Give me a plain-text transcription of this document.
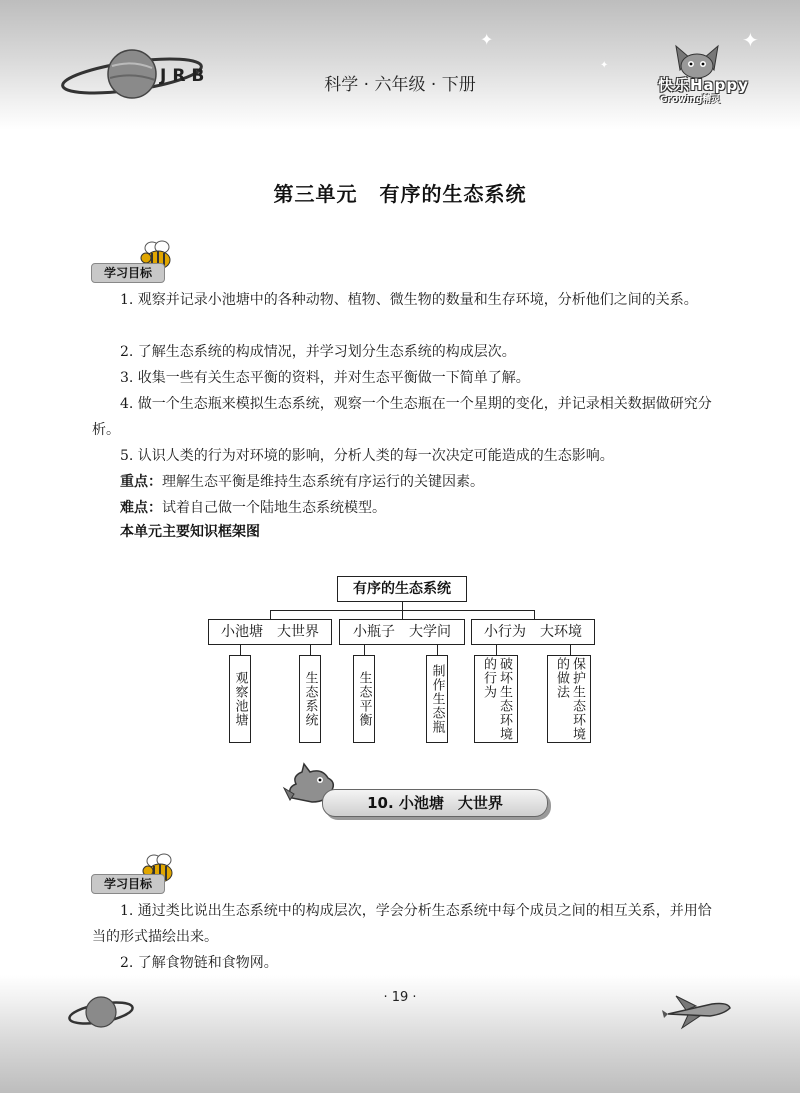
JRB	科学 · 六年级 · 下册
✦	✦
✦
快乐Happy
Growing精灵
第三单元 有序的生态系统
学习目标

1. 观察并记录小池塘中的各种动物、植物、微生物的数量和生存环境，分析他们之间的关系。

2. 了解生态系统的构成情况，并学习划分生态系统的构成层次。

3. 收集一些有关生态平衡的资料，并对生态平衡做一下简单了解。

4. 做一个生态瓶来模拟生态系统，观察一个生态瓶在一个星期的变化，并记录相关数据做研究分析。

5. 认识人类的行为对环境的影响，分析人类的每一次决定可能造成的生态影响。

重点：理解生态平衡是维持生态系统有序运行的关键因素。

难点：试着自己做一个陆地生态系统模型。

本单元主要知识框架图
有序的生态系统
小池塘　大世界	小瓶子　大学问	小行为　大环境
观察池塘	生态系统	生态平衡	制作生态瓶	破坏生态环境的行为	保护生态环境的做法
10. 小池塘 大世界
学习目标

1. 通过类比说出生态系统中的构成层次，学会分析生态系统中每个成员之间的相互关系，并用恰当的形式描绘出来。

2. 了解食物链和食物网。

· 19 ·
